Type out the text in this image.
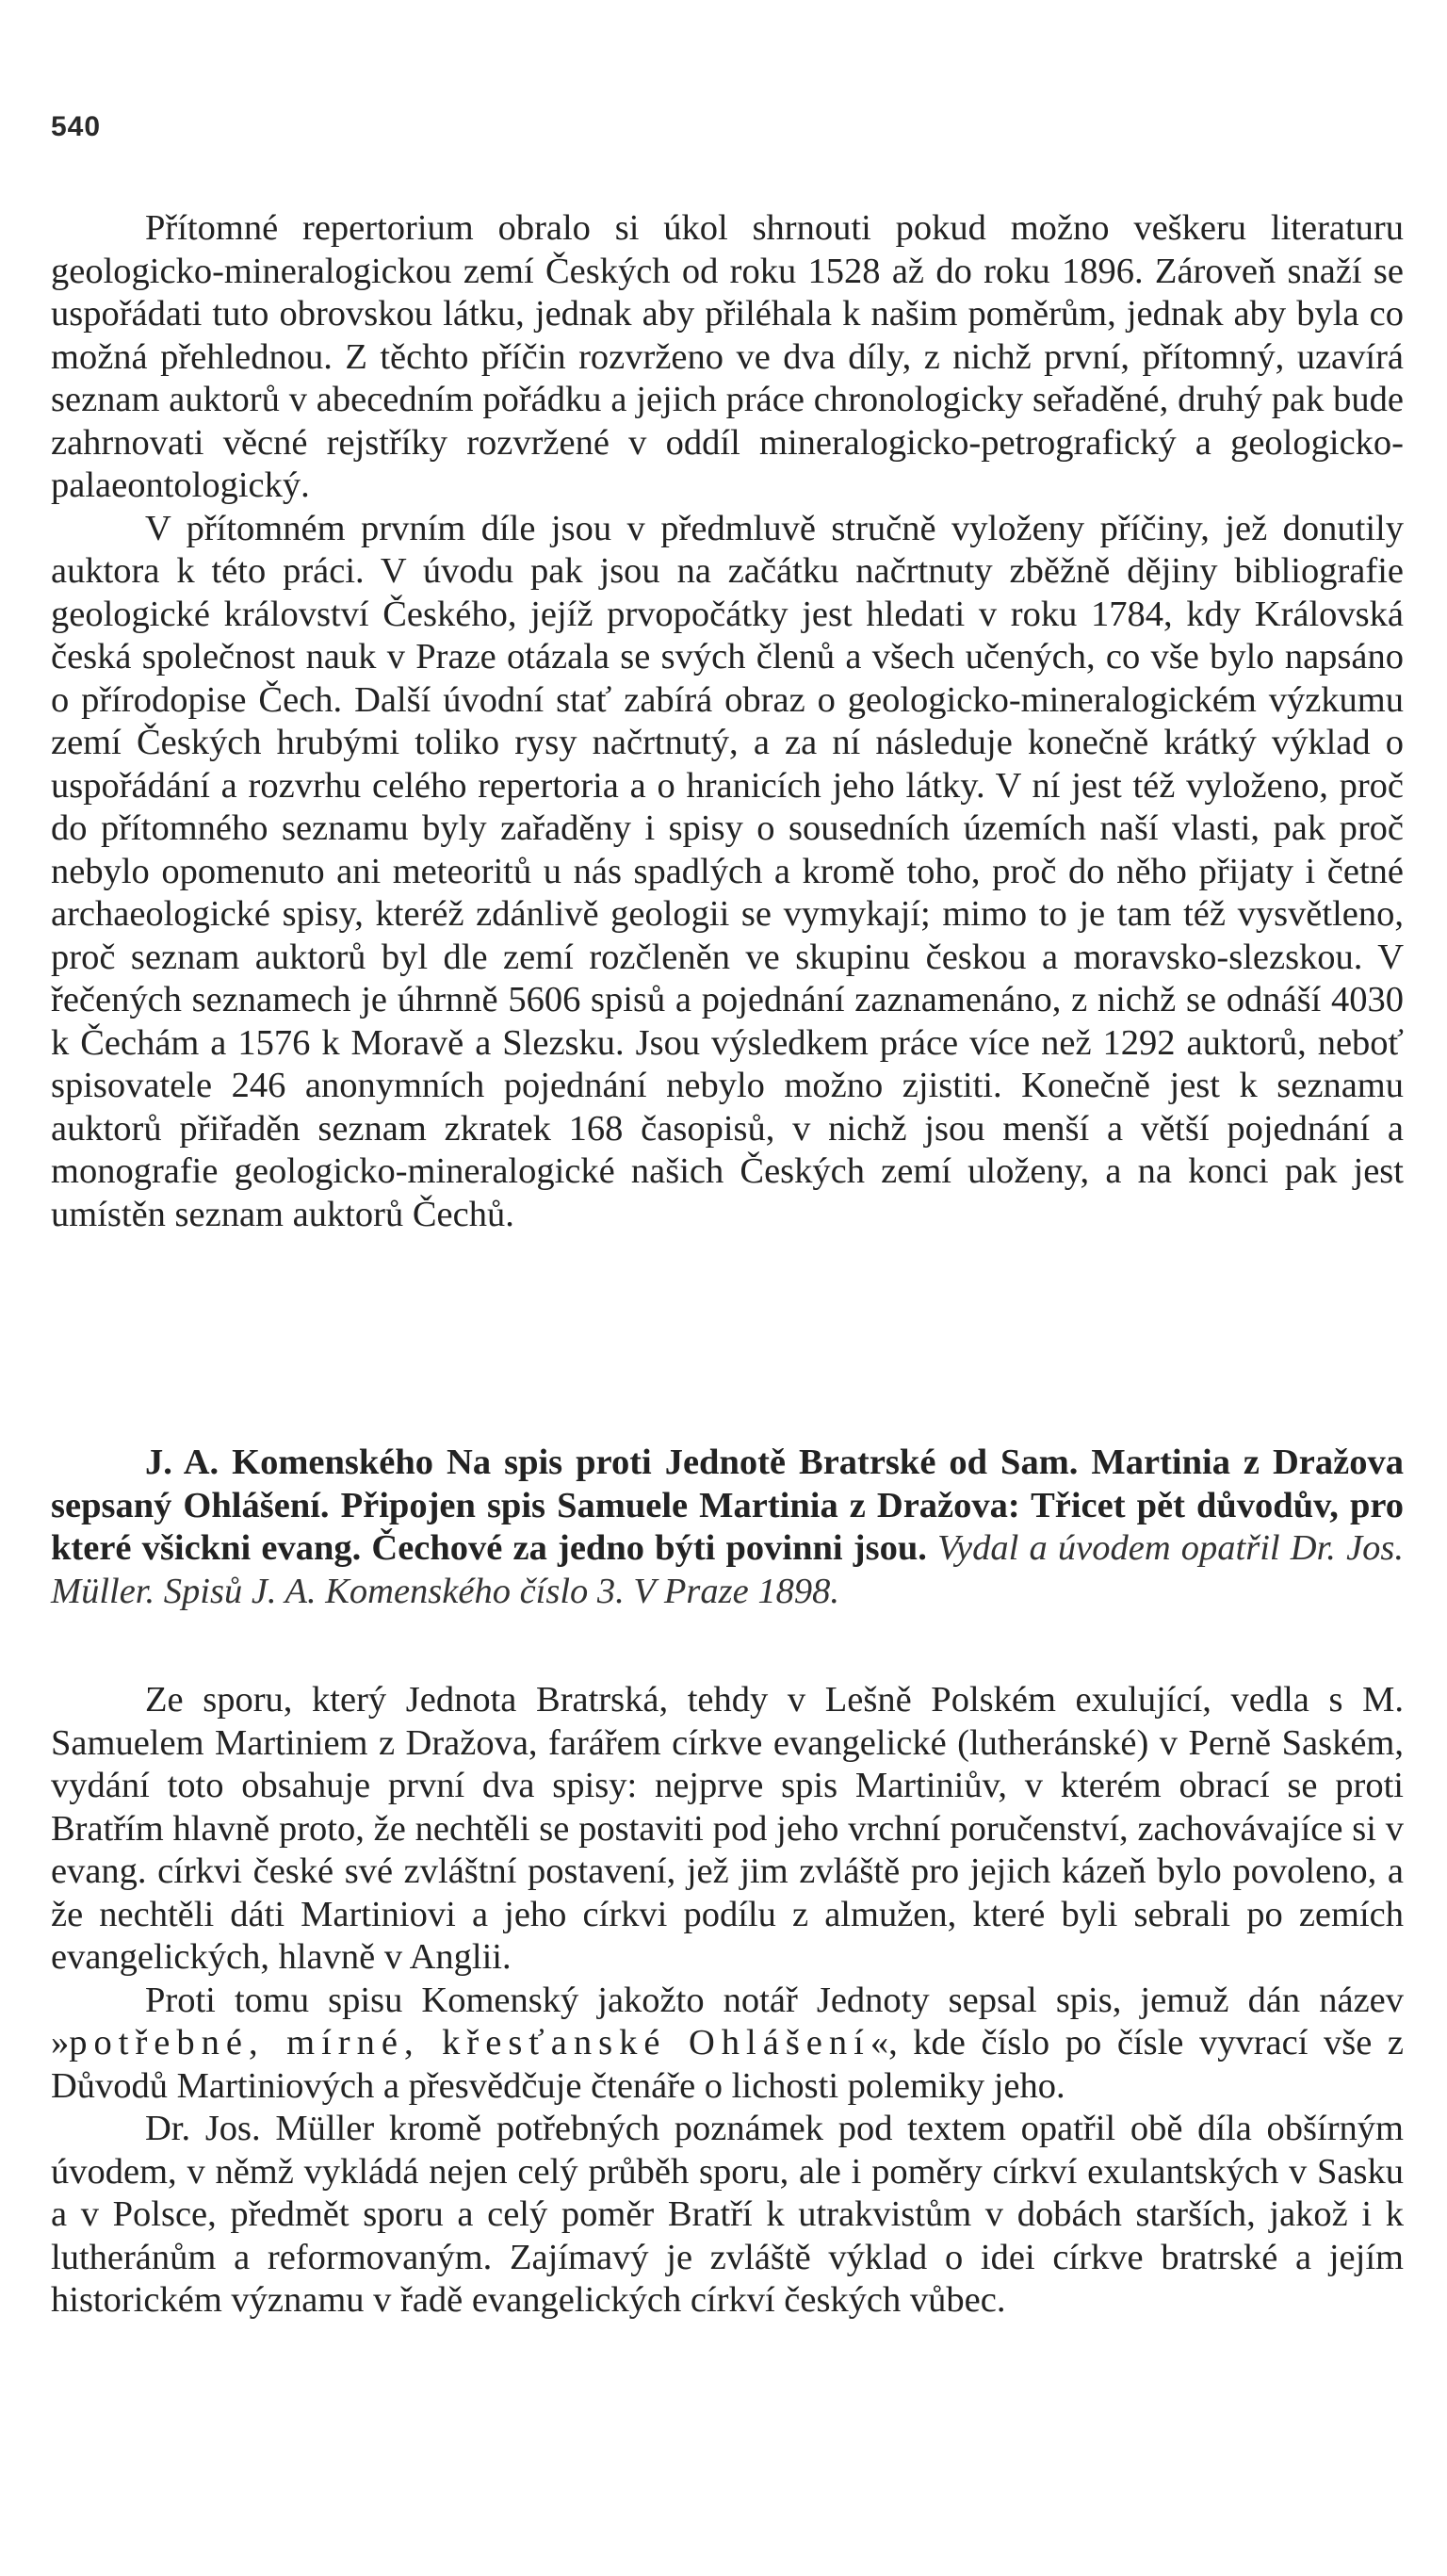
540

Přítomné repertorium obralo si úkol shrnouti pokud možno veškeru literaturu geologicko-mineralogickou zemí Českých od roku 1528 až do roku 1896. Zároveň snaží se uspořádati tuto obrovskou látku, jednak aby přiléhala k našim poměrům, jednak aby byla co možná přehlednou. Z těchto příčin rozvrženo ve dva díly, z nichž první, přítomný, uzavírá seznam auktorů v abecedním pořádku a jejich práce chronologicky seřaděné, druhý pak bude zahrnovati věcné rejstříky rozvržené v oddíl mineralogicko-petrografický a geologicko-palaeontologický.

V přítomném prvním díle jsou v předmluvě stručně vyloženy příčiny, jež donutily auktora k této práci. V úvodu pak jsou na začátku načrtnuty zběžně dějiny bibliografie geologické království Českého, jejíž prvopočátky jest hledati v roku 1784, kdy Královská česká společnost nauk v Praze otázala se svých členů a všech učených, co vše bylo napsáno o přírodopise Čech. Další úvodní stať zabírá obraz o geologicko-mineralogickém výzkumu zemí Českých hrubými toliko rysy načrtnutý, a za ní následuje konečně krátký výklad o uspořádání a rozvrhu celého repertoria a o hranicích jeho látky. V ní jest též vyloženo, proč do přítomného seznamu byly zařaděny i spisy o sousedních územích naší vlasti, pak proč nebylo opomenuto ani meteoritů u nás spadlých a kromě toho, proč do něho přijaty i četné archaeologické spisy, kteréž zdánlivě geologii se vymykají; mimo to je tam též vysvětleno, proč seznam auktorů byl dle zemí rozčleněn ve skupinu českou a moravsko-slezskou. V řečených seznamech je úhrnně 5606 spisů a pojednání zaznamenáno, z nichž se odnáší 4030 k Čechám a 1576 k Moravě a Slezsku. Jsou výsledkem práce více než 1292 auktorů, neboť spisovatele 246 anonymních pojednání nebylo možno zjistiti. Konečně jest k seznamu auktorů přiřaděn seznam zkratek 168 časopisů, v nichž jsou menší a větší pojednání a monografie geologicko-mineralogické našich Českých zemí uloženy, a na konci pak jest umístěn seznam auktorů Čechů.

J. A. Komenského Na spis proti Jednotě Bratrské od Sam. Martinia z Dražova sepsaný Ohlášení. Připojen spis Samuele Martinia z Dražova: Třicet pět důvodův, pro které všickni evang. Čechové za jedno býti povinni jsou. Vydal a úvodem opatřil Dr. Jos. Müller. Spisů J. A. Komenského číslo 3. V Praze 1898.

Ze sporu, který Jednota Bratrská, tehdy v Lešně Polském exulující, vedla s M. Samuelem Martiniem z Dražova, farářem církve evangelické (lutheránské) v Perně Saském, vydání toto obsahuje první dva spisy: nejprve spis Martiniův, v kterém obrací se proti Bratřím hlavně proto, že nechtěli se postaviti pod jeho vrchní poručenství, zachovávajíce si v evang. církvi české své zvláštní postavení, jež jim zvláště pro jejich kázeň bylo povoleno, a že nechtěli dáti Martiniovi a jeho církvi podílu z almužen, které byli sebrali po zemích evangelických, hlavně v Anglii.

Proti tomu spisu Komenský jakožto notář Jednoty sepsal spis, jemuž dán název »potřebné, mírné, křesťanské Ohlášení«, kde číslo po čísle vyvrací vše z Důvodů Martiniových a přesvědčuje čtenáře o lichosti polemiky jeho.

Dr. Jos. Müller kromě potřebných poznámek pod textem opatřil obě díla obšírným úvodem, v němž vykládá nejen celý průběh sporu, ale i poměry církví exulantských v Sasku a v Polsce, předmět sporu a celý poměr Bratří k utrakvistům v dobách starších, jakož i k lutheránům a reformovaným. Zajímavý je zvláště výklad o idei církve bratrské a jejím historickém významu v řadě evangelických církví českých vůbec.
